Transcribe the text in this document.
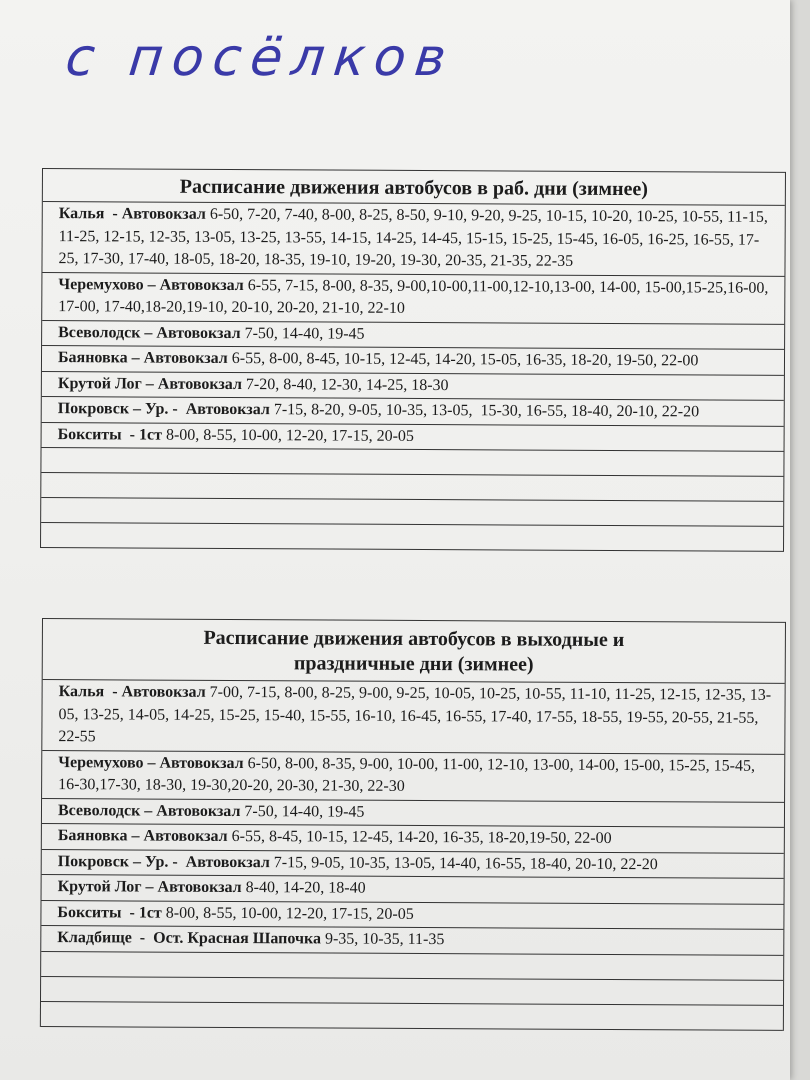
с посёлков
Расписание движения автобусов в раб. дни (зимнее)
Калья  - Автовокзал 6-50, 7-20, 7-40, 8-00, 8-25, 8-50, 9-10, 9-20, 9-25, 10-15, 10-20, 10-25, 10-55, 11-15, 11-25, 12-15, 12-35, 13-05, 13-25, 13-55, 14-15, 14-25, 14-45, 15-15, 15-25, 15-45, 16-05, 16-25, 16-55, 17-25, 17-30, 17-40, 18-05, 18-20, 18-35, 19-10, 19-20, 19-30, 20-35, 21-35, 22-35
Черемухово – Автовокзал 6-55, 7-15, 8-00, 8-35, 9-00,10-00,11-00,12-10,13-00, 14-00, 15-00,15-25,16-00, 17-00, 17-40,18-20,19-10, 20-10, 20-20, 21-10, 22-10
Всеволодск – Автовокзал 7-50, 14-40, 19-45
Баяновка – Автовокзал 6-55, 8-00, 8-45, 10-15, 12-45, 14-20, 15-05, 16-35, 18-20, 19-50, 22-00
Крутой Лог – Автовокзал 7-20, 8-40, 12-30, 14-25, 18-30
Покровск – Ур. -  Автовокзал 7-15, 8-20, 9-05, 10-35, 13-05,  15-30, 16-55, 18-40, 20-10, 22-20
Бокситы  - 1ст 8-00, 8-55, 10-00, 12-20, 17-15, 20-05
Расписание движения автобусов в выходные и
праздничные дни (зимнее)
Калья  - Автовокзал 7-00, 7-15, 8-00, 8-25, 9-00, 9-25, 10-05, 10-25, 10-55, 11-10, 11-25, 12-15, 12-35, 13-05, 13-25, 14-05, 14-25, 15-25, 15-40, 15-55, 16-10, 16-45, 16-55, 17-40, 17-55, 18-55, 19-55, 20-55, 21-55, 22-55
Черемухово – Автовокзал 6-50, 8-00, 8-35, 9-00, 10-00, 11-00, 12-10, 13-00, 14-00, 15-00, 15-25, 15-45, 16-30,17-30, 18-30, 19-30,20-20, 20-30, 21-30, 22-30
Всеволодск – Автовокзал 7-50, 14-40, 19-45
Баяновка – Автовокзал 6-55, 8-45, 10-15, 12-45, 14-20, 16-35, 18-20,19-50, 22-00
Покровск – Ур. -  Автовокзал 7-15, 9-05, 10-35, 13-05, 14-40, 16-55, 18-40, 20-10, 22-20
Крутой Лог – Автовокзал 8-40, 14-20, 18-40
Бокситы  - 1ст 8-00, 8-55, 10-00, 12-20, 17-15, 20-05
Кладбище  -  Ост. Красная Шапочка 9-35, 10-35, 11-35
